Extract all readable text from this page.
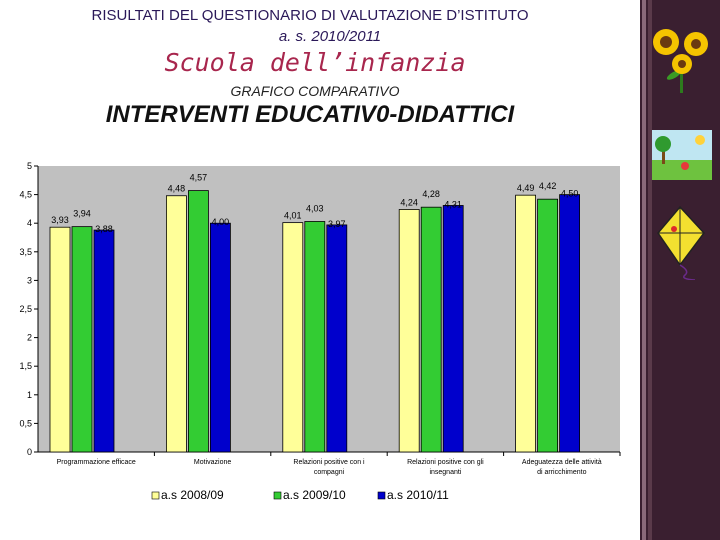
RISULTATI DEL QUESTIONARIO DI VALUTAZIONE D’ISTITUTO
a. s. 2010/2011
Scuola dell’infanzia
GRAFICO COMPARATIVO
INTERVENTI EDUCATIV0-DIDATTICI
0
0,5
1
1,5
2
2,5
3
3,5
4
4,5
5
3,93
3,94
3,88
Programmazione efficace
4,48
4,57
4,00
Motivazione
4,01
4,03
3,97
Relazioni positive con i
compagni
4,24
4,28
4,31
Relazioni positive con gli
insegnanti
4,49 4,42
4,50
Adeguatezza delle attività
di arricchimento
a.s 2008/09	a.s 2009/10	a.s 2010/11
